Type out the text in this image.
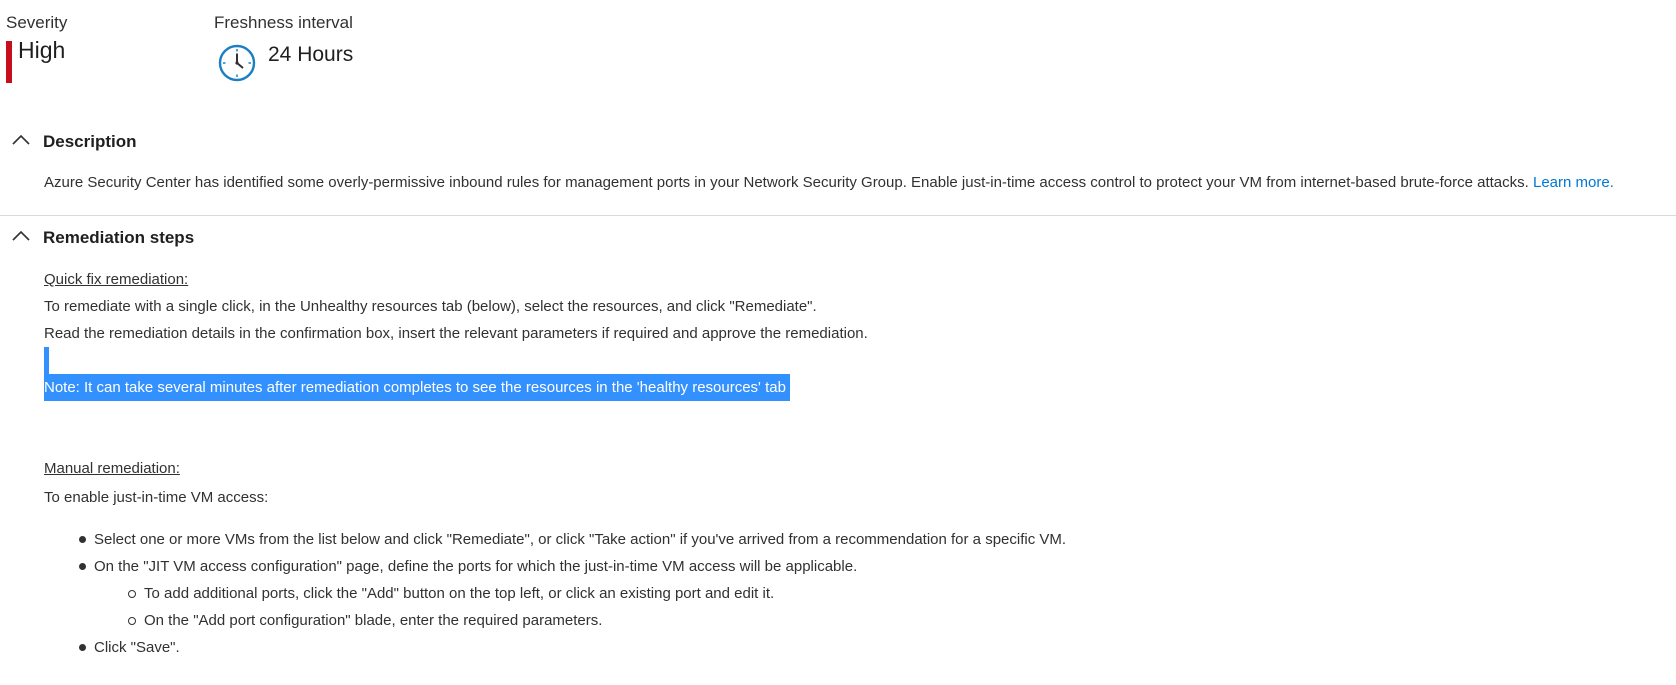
Severity
High
Freshness interval
24 Hours
Description
Azure Security Center has identified some overly-permissive inbound rules for management ports in your Network Security Group. Enable just-in-time access control to protect your VM from internet-based brute-force attacks. Learn more.
Remediation steps
Quick fix remediation:
To remediate with a single click, in the Unhealthy resources tab (below), select the resources, and click "Remediate".
Read the remediation details in the confirmation box, insert the relevant parameters if required and approve the remediation.
Note: It can take several minutes after remediation completes to see the resources in the 'healthy resources' tab
Manual remediation:
To enable just-in-time VM access:
Select one or more VMs from the list below and click "Remediate", or click "Take action" if you've arrived from a recommendation for a specific VM.
On the "JIT VM access configuration" page, define the ports for which the just-in-time VM access will be applicable.
To add additional ports, click the "Add" button on the top left, or click an existing port and edit it.
On the "Add port configuration" blade, enter the required parameters.
Click "Save".
